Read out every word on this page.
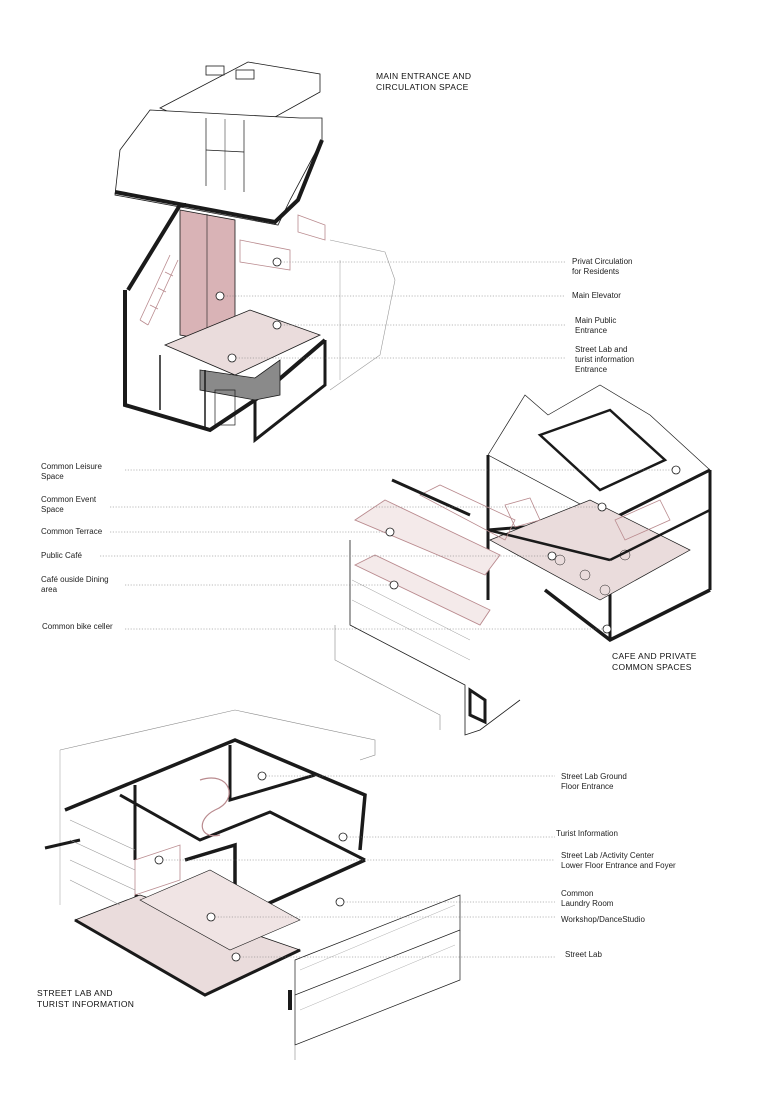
MAIN ENTRANCE AND
CIRCULATION SPACE
Privat Circulation
for Residents
Main Elevator
Main Public
Entrance
Street Lab and
turist information
Entrance
Common Leisure
Space
Common Event
Space
Common Terrace
Public Café
Café ouside Dining
area
Common bike celler
CAFE AND PRIVATE
COMMON SPACES
Street Lab Ground
Floor Entrance
Turist Information
Street Lab /Activity Center
Lower Floor Entrance and Foyer
Common
Laundry Room
Workshop/DanceStudio
Street Lab
STREET LAB AND
TURIST INFORMATION
